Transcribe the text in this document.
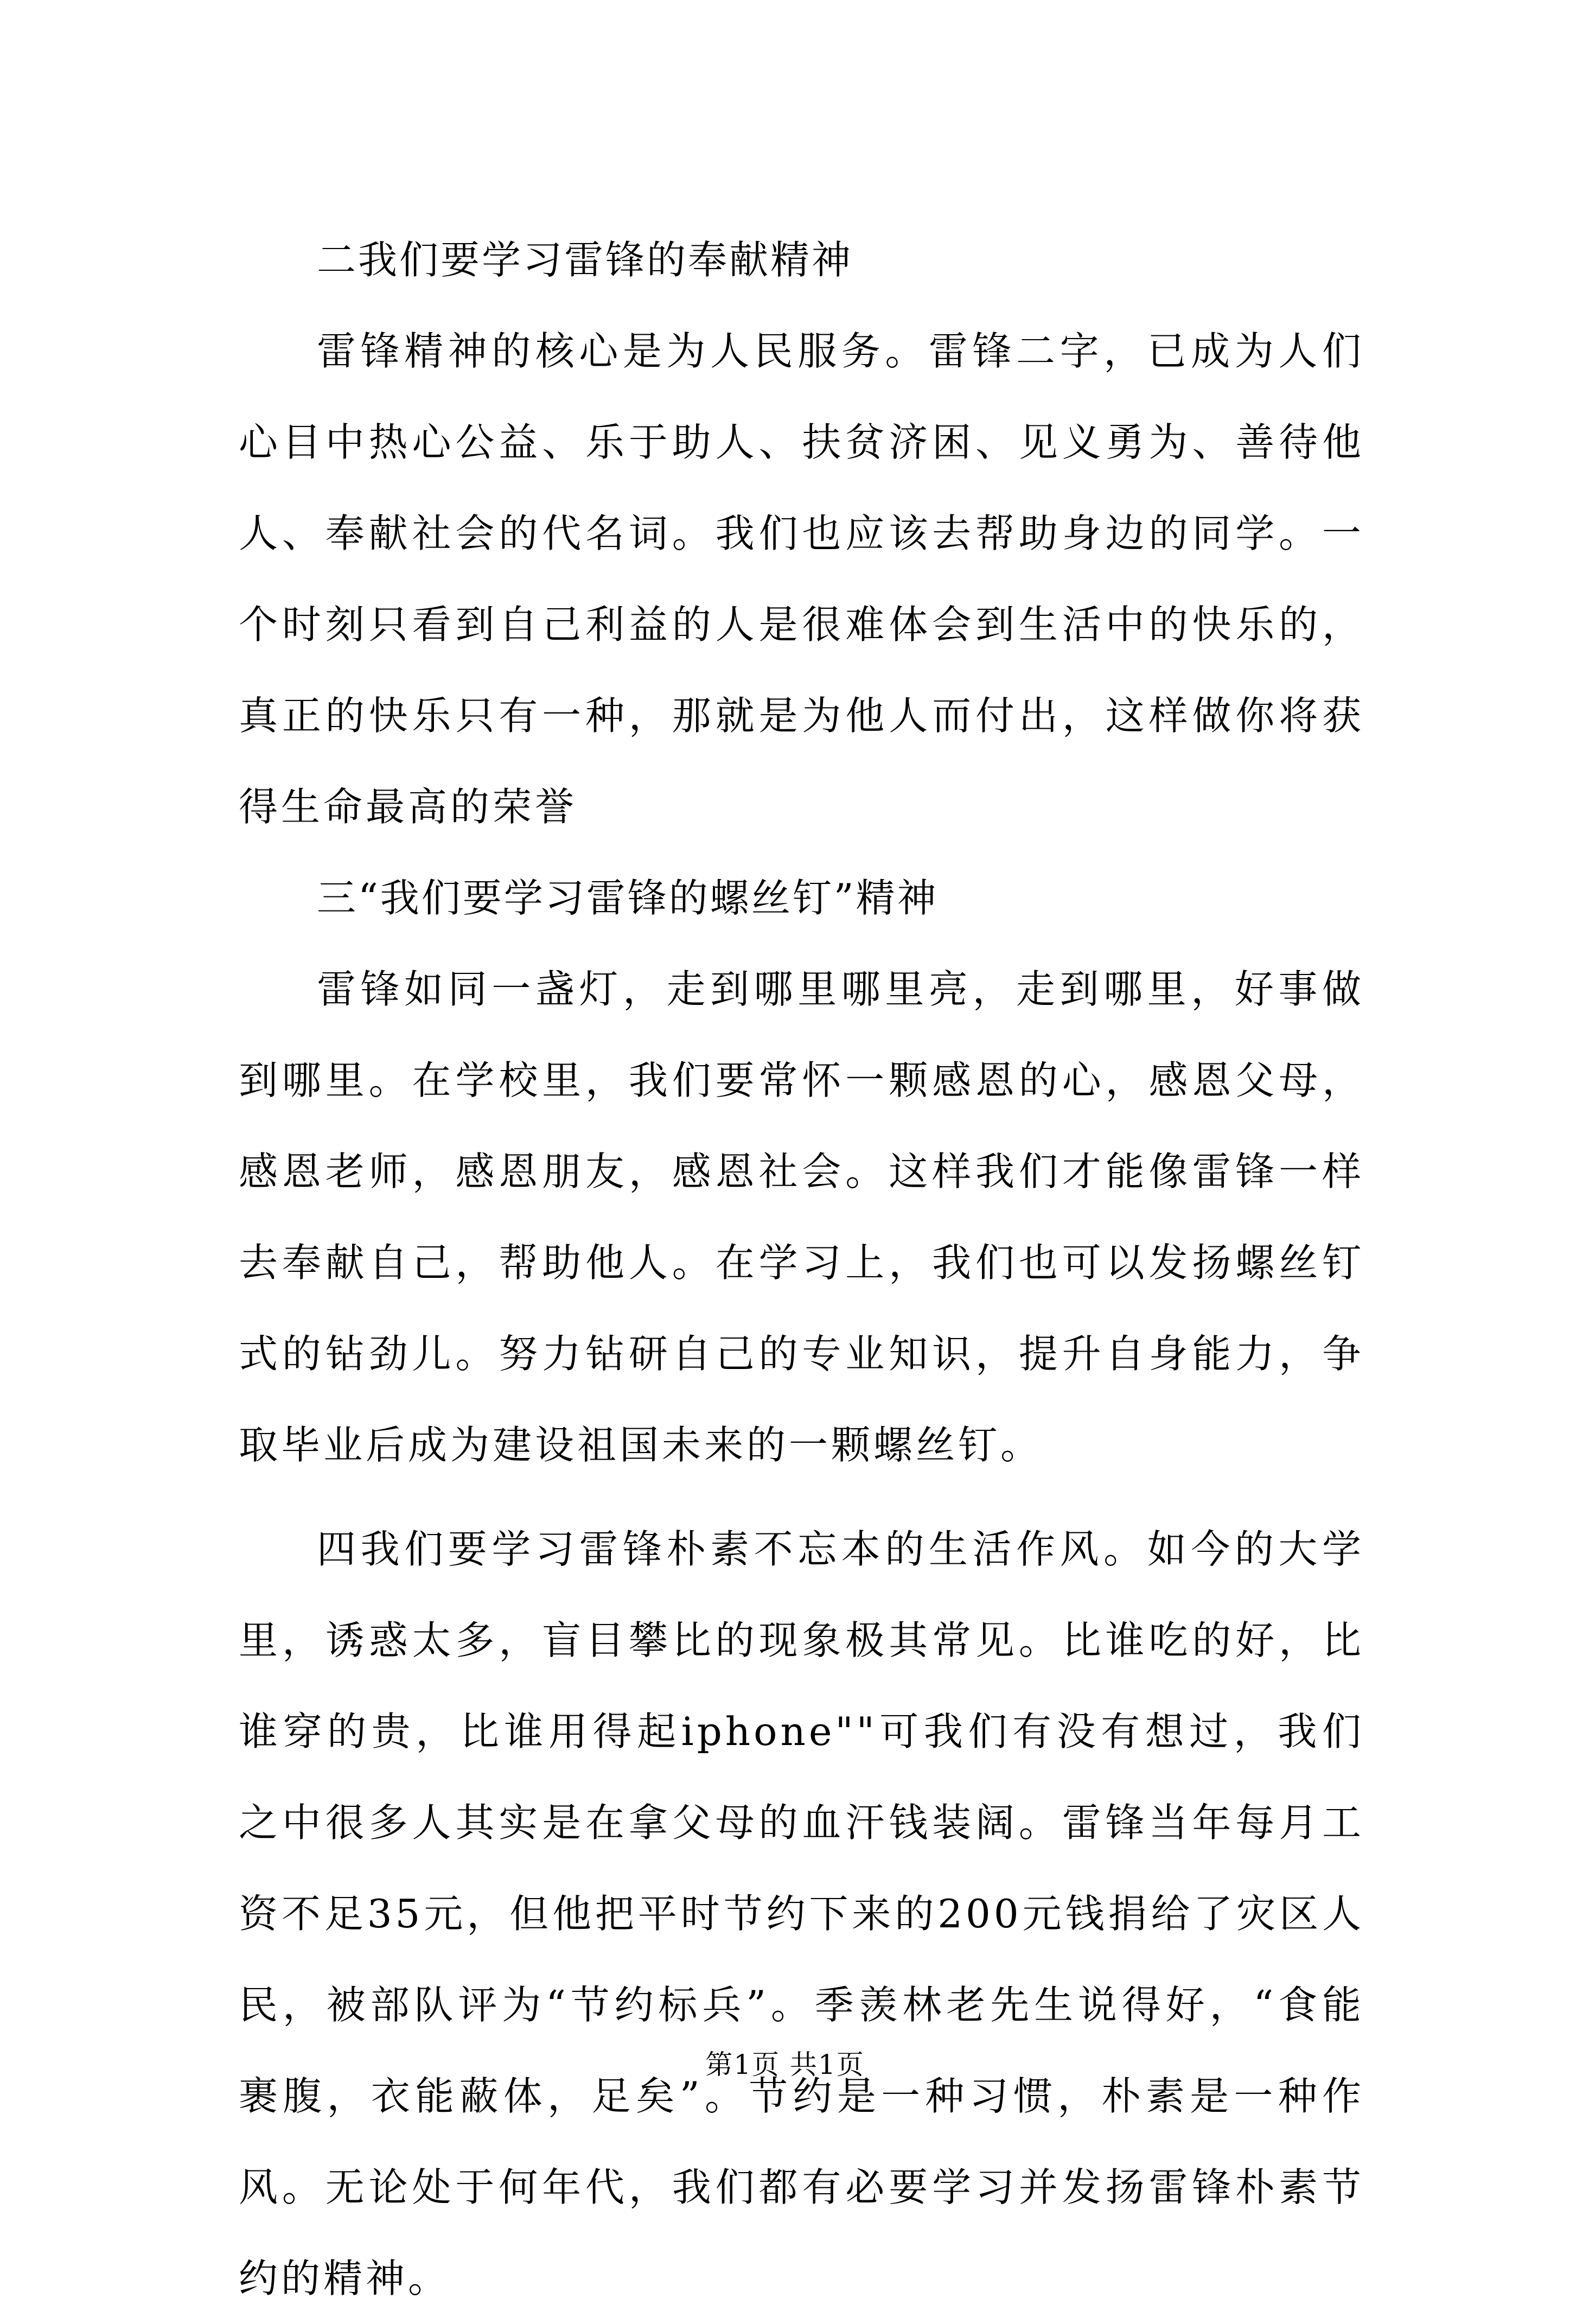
二我们要学习雷锋的奉献精神

雷锋精神的核心是为人民服务。雷锋二字，已成为人们心目中热心公益、乐于助人、扶贫济困、见义勇为、善待他人、奉献社会的代名词。我们也应该去帮助身边的同学。一个时刻只看到自己利益的人是很难体会到生活中的快乐的，真正的快乐只有一种，那就是为他人而付出，这样做你将获得生命最高的荣誉

三“我们要学习雷锋的螺丝钉”精神

雷锋如同一盏灯，走到哪里哪里亮，走到哪里，好事做到哪里。在学校里，我们要常怀一颗感恩的心，感恩父母，感恩老师，感恩朋友，感恩社会。这样我们才能像雷锋一样去奉献自己，帮助他人。在学习上，我们也可以发扬螺丝钉式的钻劲儿。努力钻研自己的专业知识，提升自身能力，争取毕业后成为建设祖国未来的一颗螺丝钉。

四我们要学习雷锋朴素不忘本的生活作风。如今的大学里，诱惑太多，盲目攀比的现象极其常见。比谁吃的好，比谁穿的贵，比谁用得起iphone""可我们有没有想过，我们之中很多人其实是在拿父母的血汗钱装阔。雷锋当年每月工资不足35元，但他把平时节约下来的200元钱捐给了灾区人民，被部队评为“节约标兵”。季羡林老先生说得好，“食能裹腹，衣能蔽体，足矣”。节约是一种习惯，朴素是一种作风。无论处于何年代，我们都有必要学习并发扬雷锋朴素节约的精神。

第1页 共1页
